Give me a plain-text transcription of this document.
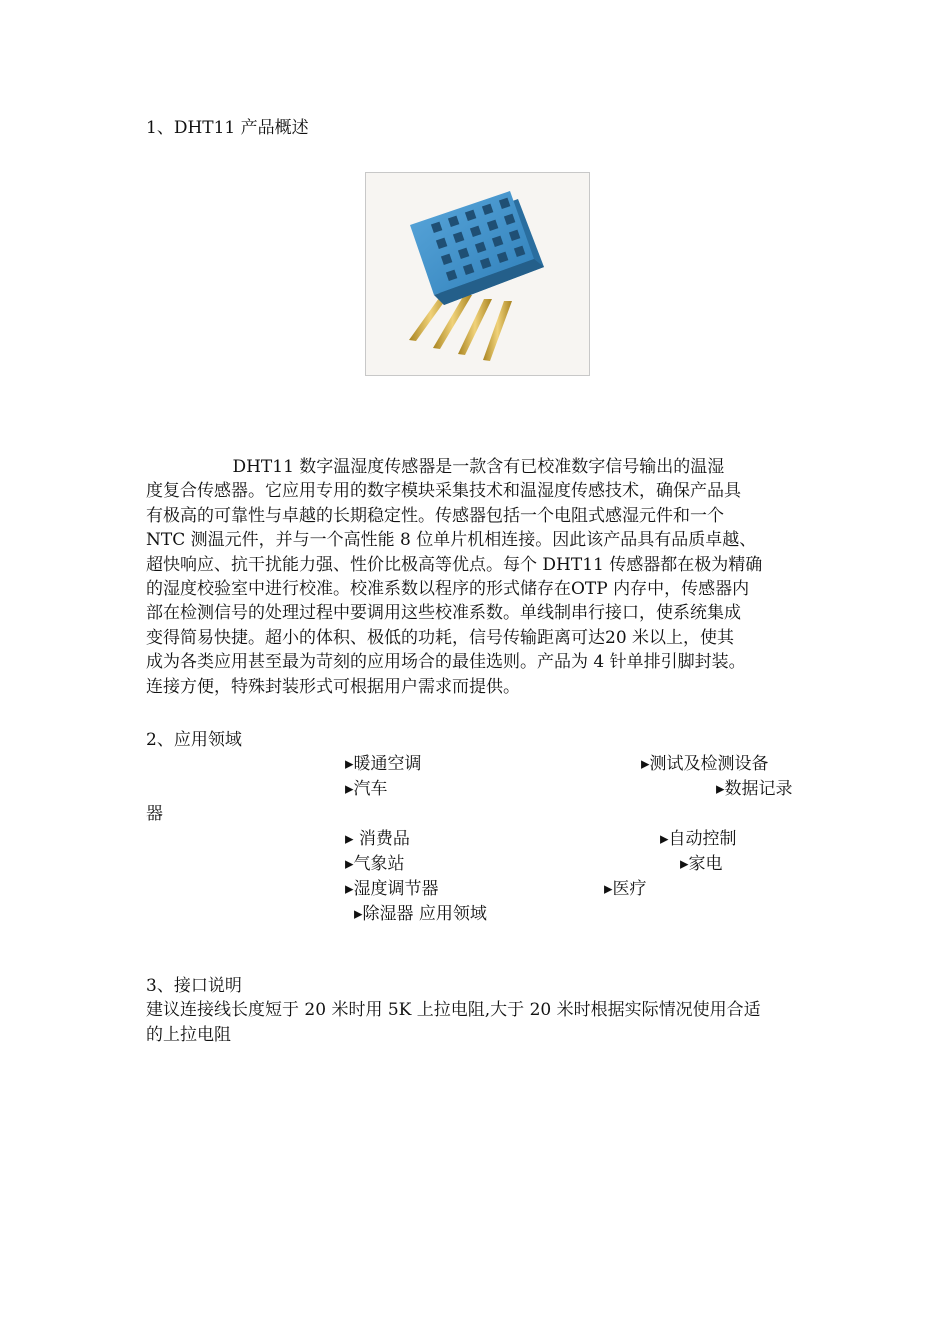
1、DHT11 产品概述
DHT11 数字温湿度传感器是一款含有已校准数字信号输出的温湿
度复合传感器。它应用专用的数字模块采集技术和温湿度传感技术，确保产品具
有极高的可靠性与卓越的长期稳定性。传感器包括一个电阻式感湿元件和一个
NTC 测温元件，并与一个高性能 8 位单片机相连接。因此该产品具有品质卓越、
超快响应、抗干扰能力强、性价比极高等优点。每个 DHT11 传感器都在极为精确
的湿度校验室中进行校准。校准系数以程序的形式储存在OTP 内存中，传感器内
部在检测信号的处理过程中要调用这些校准系数。单线制串行接口，使系统集成
变得简易快捷。超小的体积、极低的功耗，信号传输距离可达20 米以上，使其
成为各类应用甚至最为苛刻的应用场合的最佳选则。产品为 4 针单排引脚封装。
连接方便，特殊封装形式可根据用户需求而提供。
2、应用领域
▸暖通空调	▸测试及检测设备
▸汽车	▸数据记录
器
▸ 消费品	▸自动控制
▸气象站	▸家电
▸湿度调节器	▸医疗
▸除湿器 应用领域
3、接口说明
建议连接线长度短于 20 米时用 5K 上拉电阻,大于 20 米时根据实际情况使用合适
的上拉电阻
